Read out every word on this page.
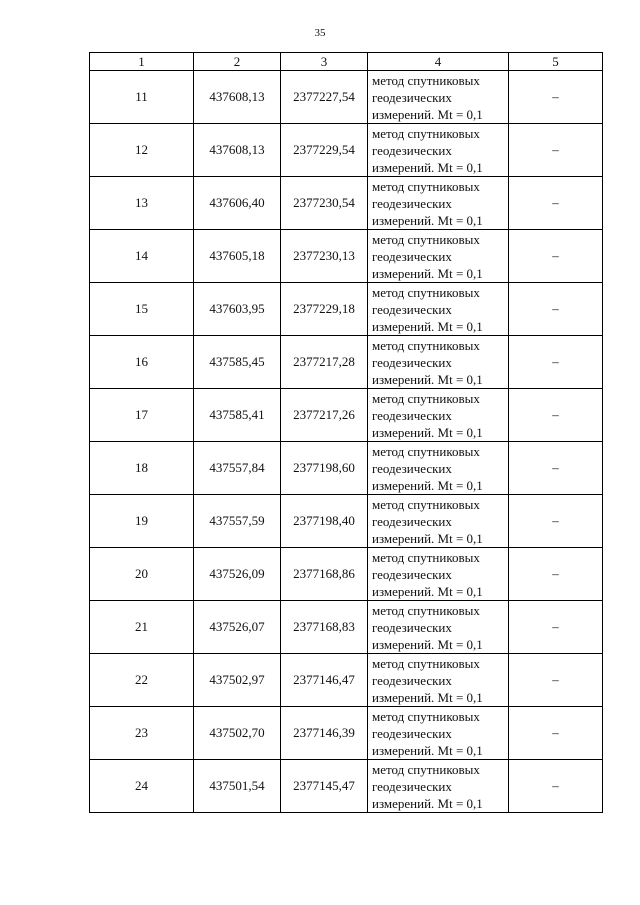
35
1	2	3	4	5
11	437608,13	2377227,54	метод спутниковых
геодезических
измерений. Mt = 0,1	–
12	437608,13	2377229,54	метод спутниковых
геодезических
измерений. Mt = 0,1	–
13	437606,40	2377230,54	метод спутниковых
геодезических
измерений. Mt = 0,1	–
14	437605,18	2377230,13	метод спутниковых
геодезических
измерений. Mt = 0,1	–
15	437603,95	2377229,18	метод спутниковых
геодезических
измерений. Mt = 0,1	–
16	437585,45	2377217,28	метод спутниковых
геодезических
измерений. Mt = 0,1	–
17	437585,41	2377217,26	метод спутниковых
геодезических
измерений. Mt = 0,1	–
18	437557,84	2377198,60	метод спутниковых
геодезических
измерений. Mt = 0,1	–
19	437557,59	2377198,40	метод спутниковых
геодезических
измерений. Mt = 0,1	–
20	437526,09	2377168,86	метод спутниковых
геодезических
измерений. Mt = 0,1	–
21	437526,07	2377168,83	метод спутниковых
геодезических
измерений. Mt = 0,1	–
22	437502,97	2377146,47	метод спутниковых
геодезических
измерений. Mt = 0,1	–
23	437502,70	2377146,39	метод спутниковых
геодезических
измерений. Mt = 0,1	–
24	437501,54	2377145,47	метод спутниковых
геодезических
измерений. Mt = 0,1	–
